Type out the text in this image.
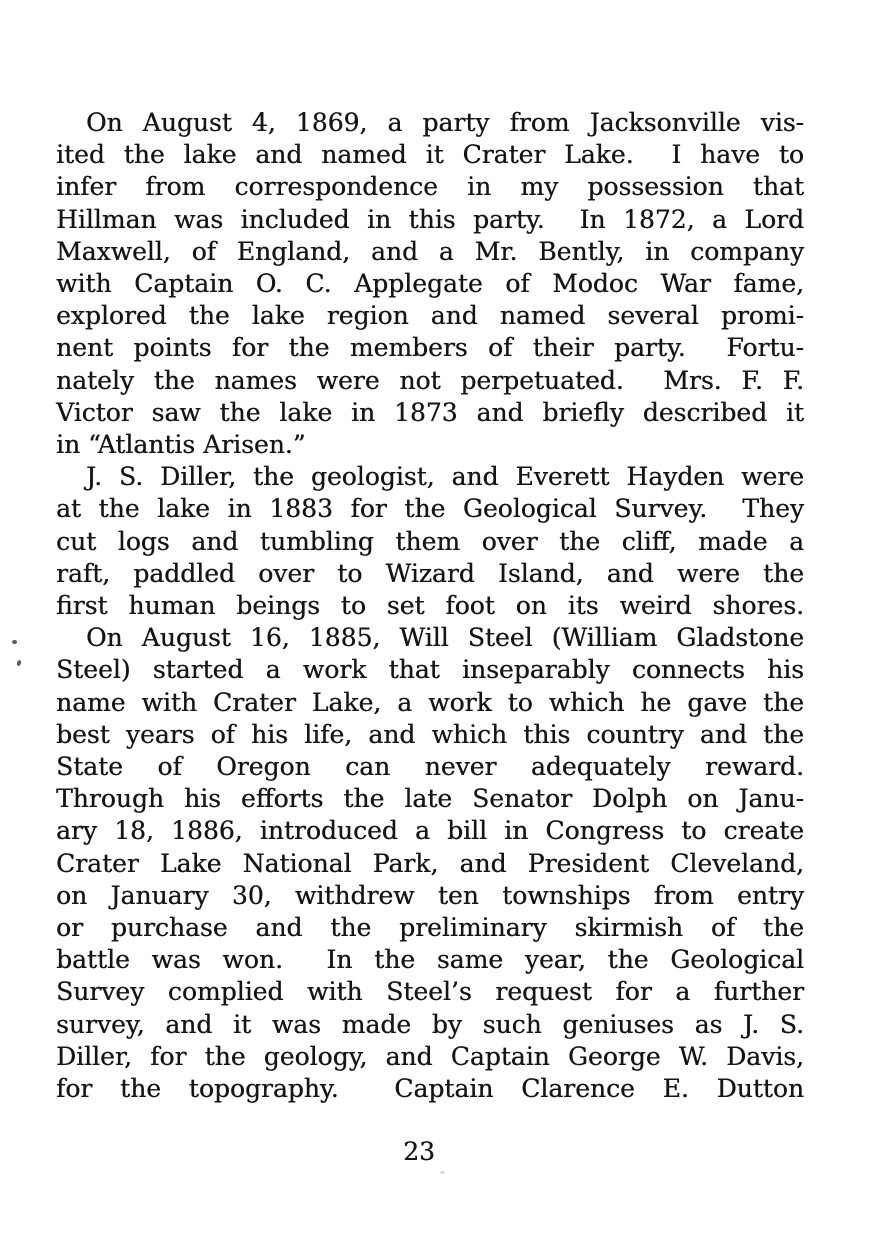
On August 4, 1869, a party from Jacksonville vis-
ited the lake and named it Crater Lake.  I have to
infer from correspondence in my possession that
Hillman was included in this party.  In 1872, a Lord
Maxwell, of England, and a Mr. Bently, in company
with Captain O. C. Applegate of Modoc War fame,
explored the lake region and named several promi-
nent points for the members of their party.  Fortu-
nately the names were not perpetuated.  Mrs. F. F.
Victor saw the lake in 1873 and briefly described it
in “Atlantis Arisen.”
J. S. Diller, the geologist, and Everett Hayden were
at the lake in 1883 for the Geological Survey.  They
cut logs and tumbling them over the cliff, made a
raft, paddled over to Wizard Island, and were the
first human beings to set foot on its weird shores.
On August 16, 1885, Will Steel (William Gladstone
Steel) started a work that inseparably connects his
name with Crater Lake, a work to which he gave the
best years of his life, and which this country and the
State of Oregon can never adequately reward.
Through his efforts the late Senator Dolph on Janu-
ary 18, 1886, introduced a bill in Congress to create
Crater Lake National Park, and President Cleveland,
on January 30, withdrew ten townships from entry
or purchase and the preliminary skirmish of the
battle was won.  In the same year, the Geological
Survey complied with Steel’s request for a further
survey, and it was made by such geniuses as J. S.
Diller, for the geology, and Captain George W. Davis,
for the topography.  Captain Clarence E. Dutton
23
